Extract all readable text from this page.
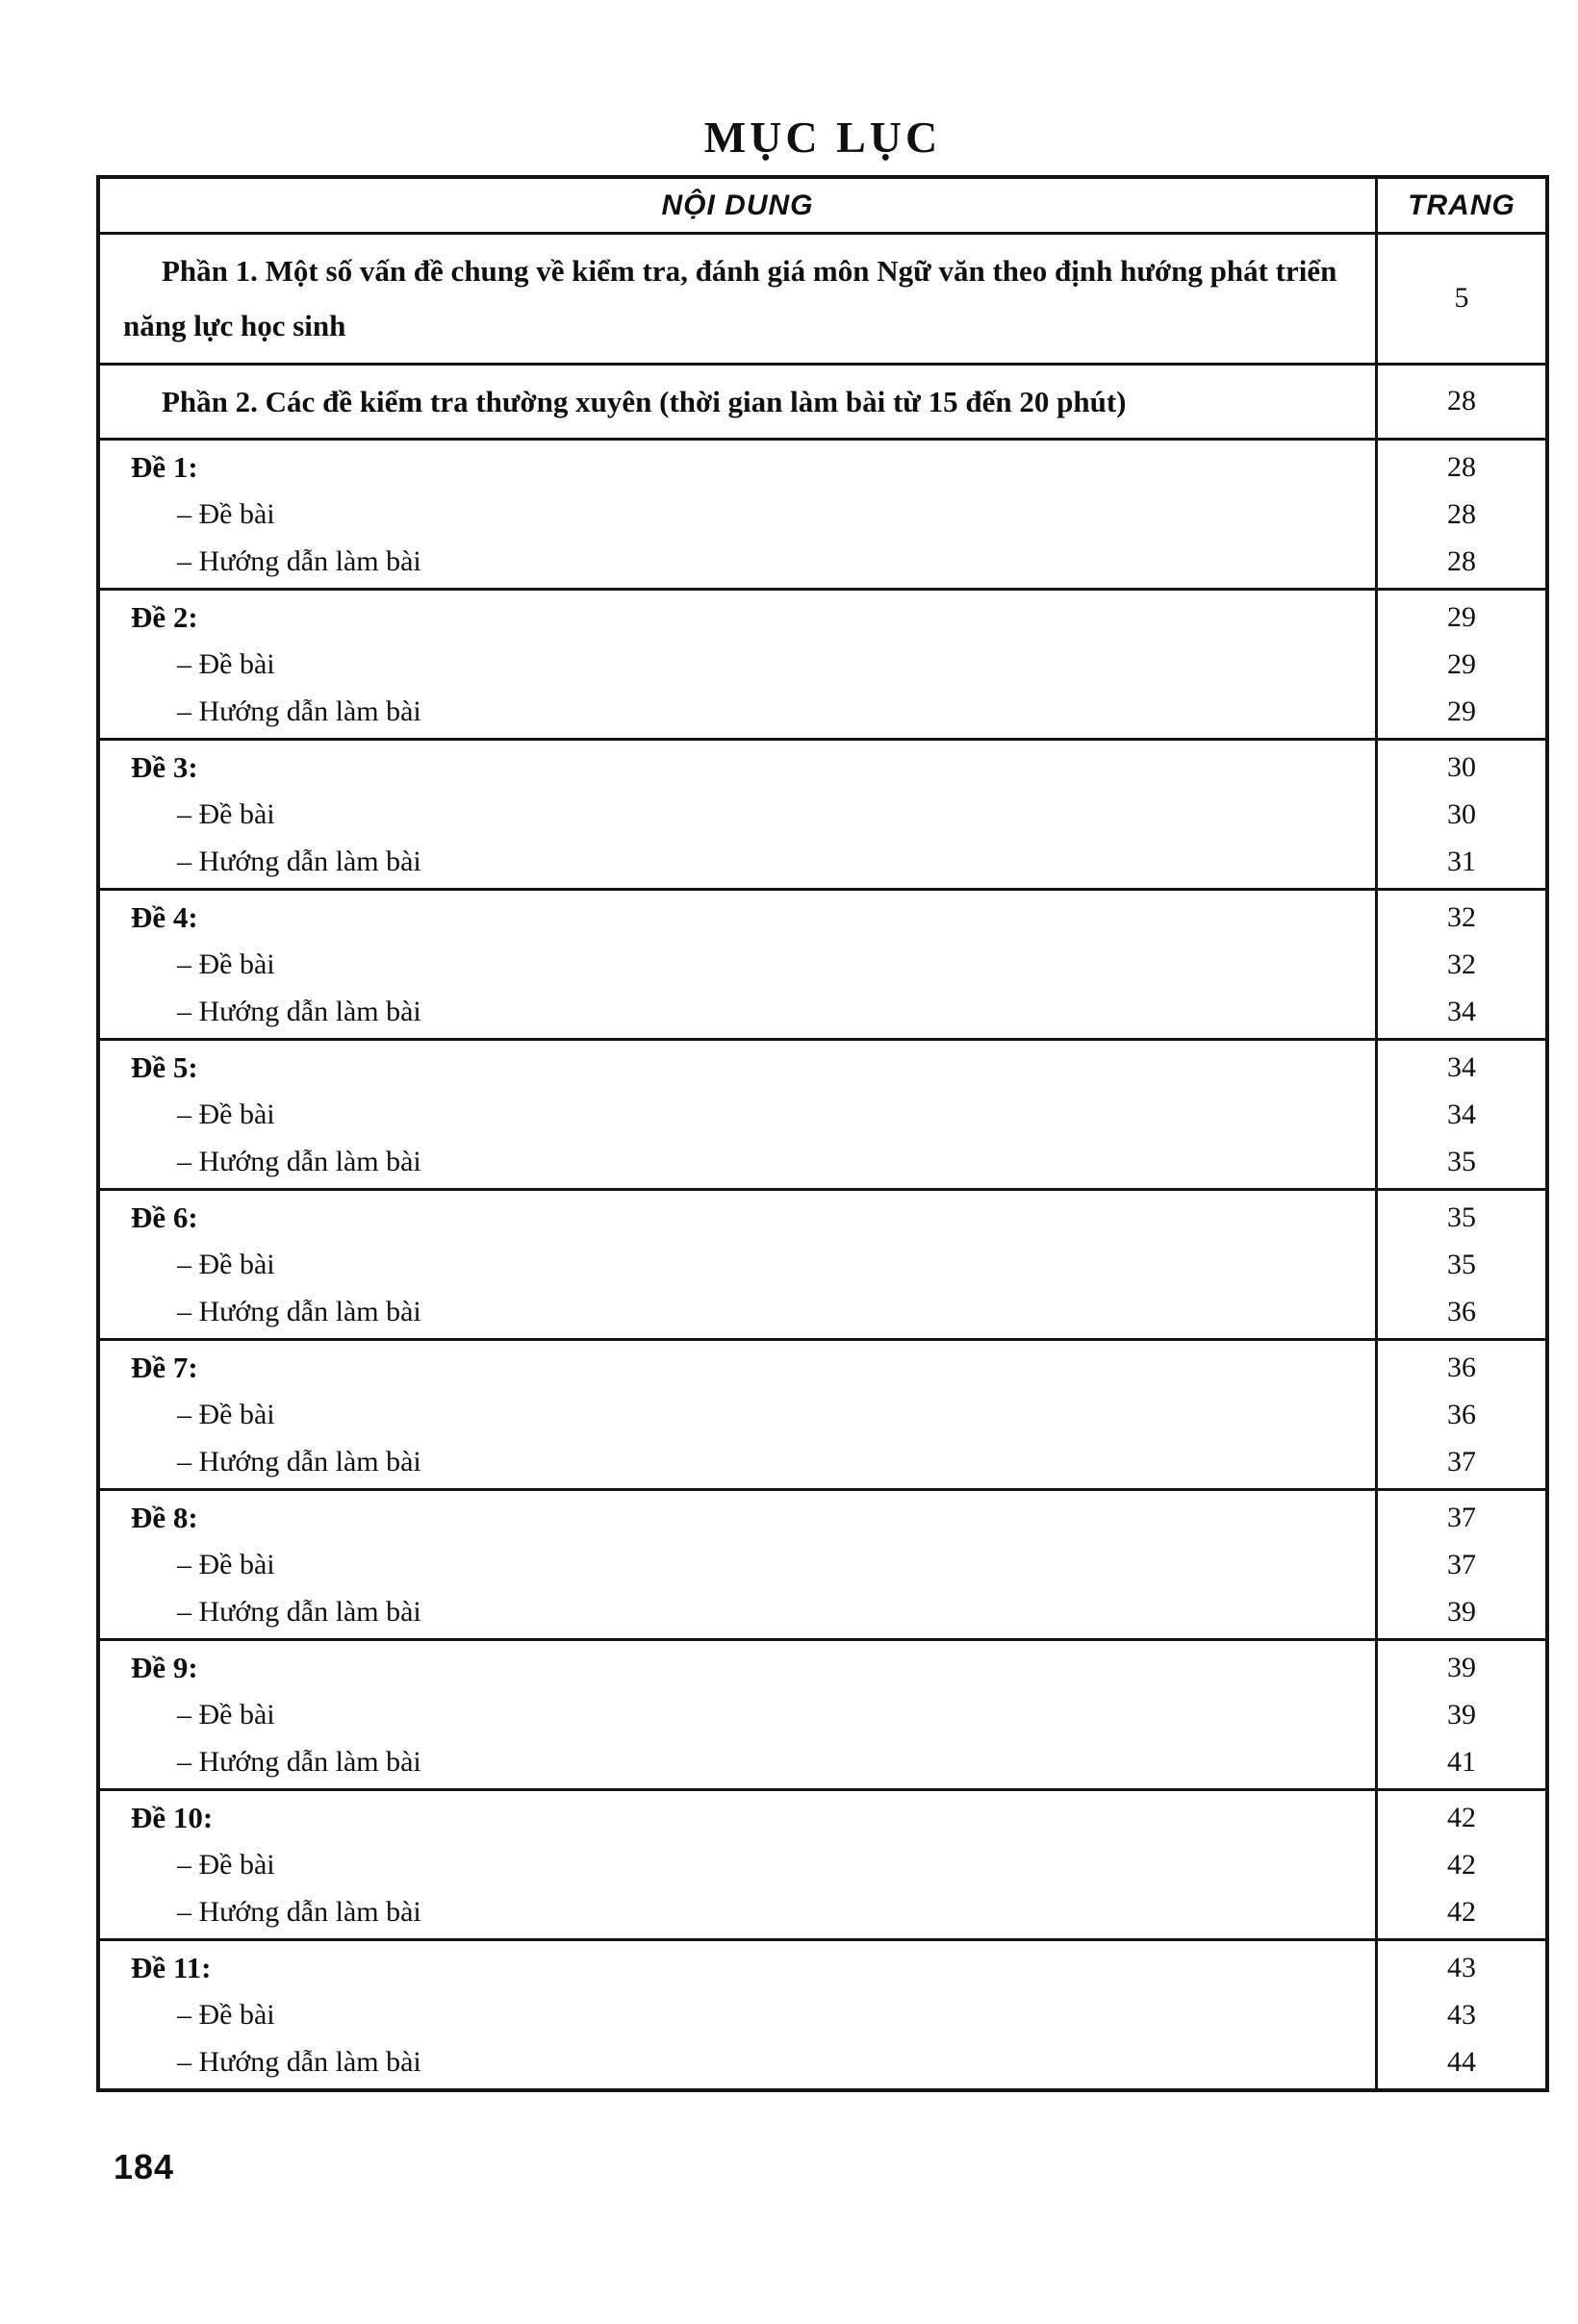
MỤC LỤC
NỘI DUNG	TRANG
Phần 1. Một số vấn đề chung về kiểm tra, đánh giá môn Ngữ văn theo định hướng phát triển năng lực học sinh
5
Phần 2. Các đề kiểm tra thường xuyên (thời gian làm bài từ 15 đến 20 phút)	28
Đề 1:
– Đề bài
– Hướng dẫn làm bài
28
28
28
Đề 2:
– Đề bài
– Hướng dẫn làm bài
29
29
29
Đề 3:
– Đề bài
– Hướng dẫn làm bài
30
30
31
Đề 4:
– Đề bài
– Hướng dẫn làm bài
32
32
34
Đề 5:
– Đề bài
– Hướng dẫn làm bài
34
34
35
Đề 6:
– Đề bài
– Hướng dẫn làm bài
35
35
36
Đề 7:
– Đề bài
– Hướng dẫn làm bài
36
36
37
Đề 8:
– Đề bài
– Hướng dẫn làm bài
37
37
39
Đề 9:
– Đề bài
– Hướng dẫn làm bài
39
39
41
Đề 10:
– Đề bài
– Hướng dẫn làm bài
42
42
42
Đề 11:
– Đề bài
– Hướng dẫn làm bài
43
43
44
184
